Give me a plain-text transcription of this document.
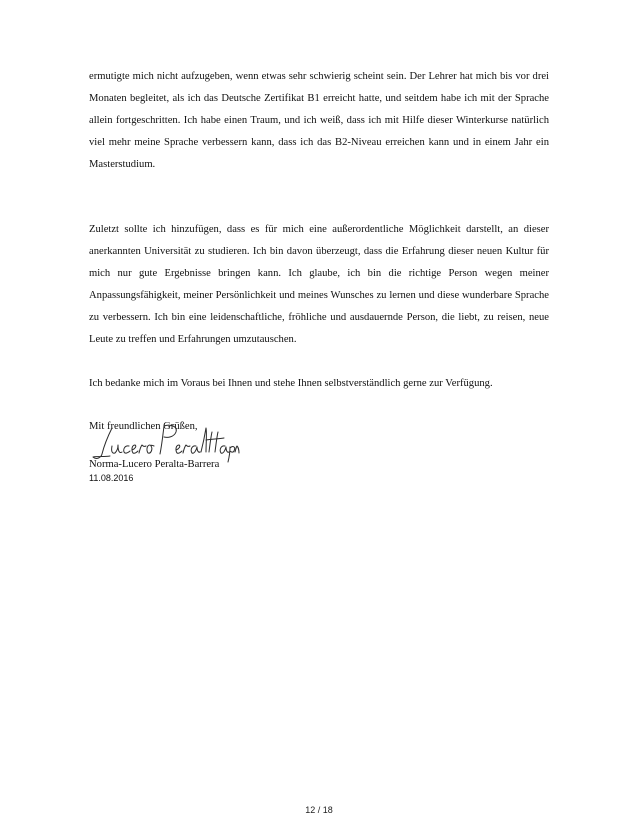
ermutigte mich nicht aufzugeben, wenn etwas sehr schwierig scheint sein. Der Lehrer hat mich bis vor drei Monaten begleitet, als ich das Deutsche Zertifikat B1 erreicht hatte, und seitdem habe ich mit der Sprache allein fortgeschritten. Ich habe einen Traum, und ich weiß, dass ich mit Hilfe dieser Winterkurse natürlich viel mehr meine Sprache verbessern kann, dass ich das B2-Niveau erreichen kann und in einem Jahr ein Masterstudium.

Zuletzt sollte ich hinzufügen, dass es für mich eine außerordentliche Möglichkeit darstellt, an dieser anerkannten Universität zu studieren. Ich bin davon überzeugt, dass die Erfahrung dieser neuen Kultur für mich nur gute Ergebnisse bringen kann. Ich glaube, ich bin die richtige Person wegen meiner Anpassungsfähigkeit, meiner Persönlichkeit und meines Wunsches zu lernen und diese wunderbare Sprache zu verbessern. Ich bin eine leidenschaftliche, fröhliche und ausdauernde Person, die liebt, zu reisen, neue Leute zu treffen und Erfahrungen umzutauschen.

Ich bedanke mich im Voraus bei Ihnen und stehe Ihnen selbstverständlich gerne zur Verfügung.

Mit freundlichen Grüßen,

Norma-Lucero Peralta-Barrera
11.08.2016
12 / 18
